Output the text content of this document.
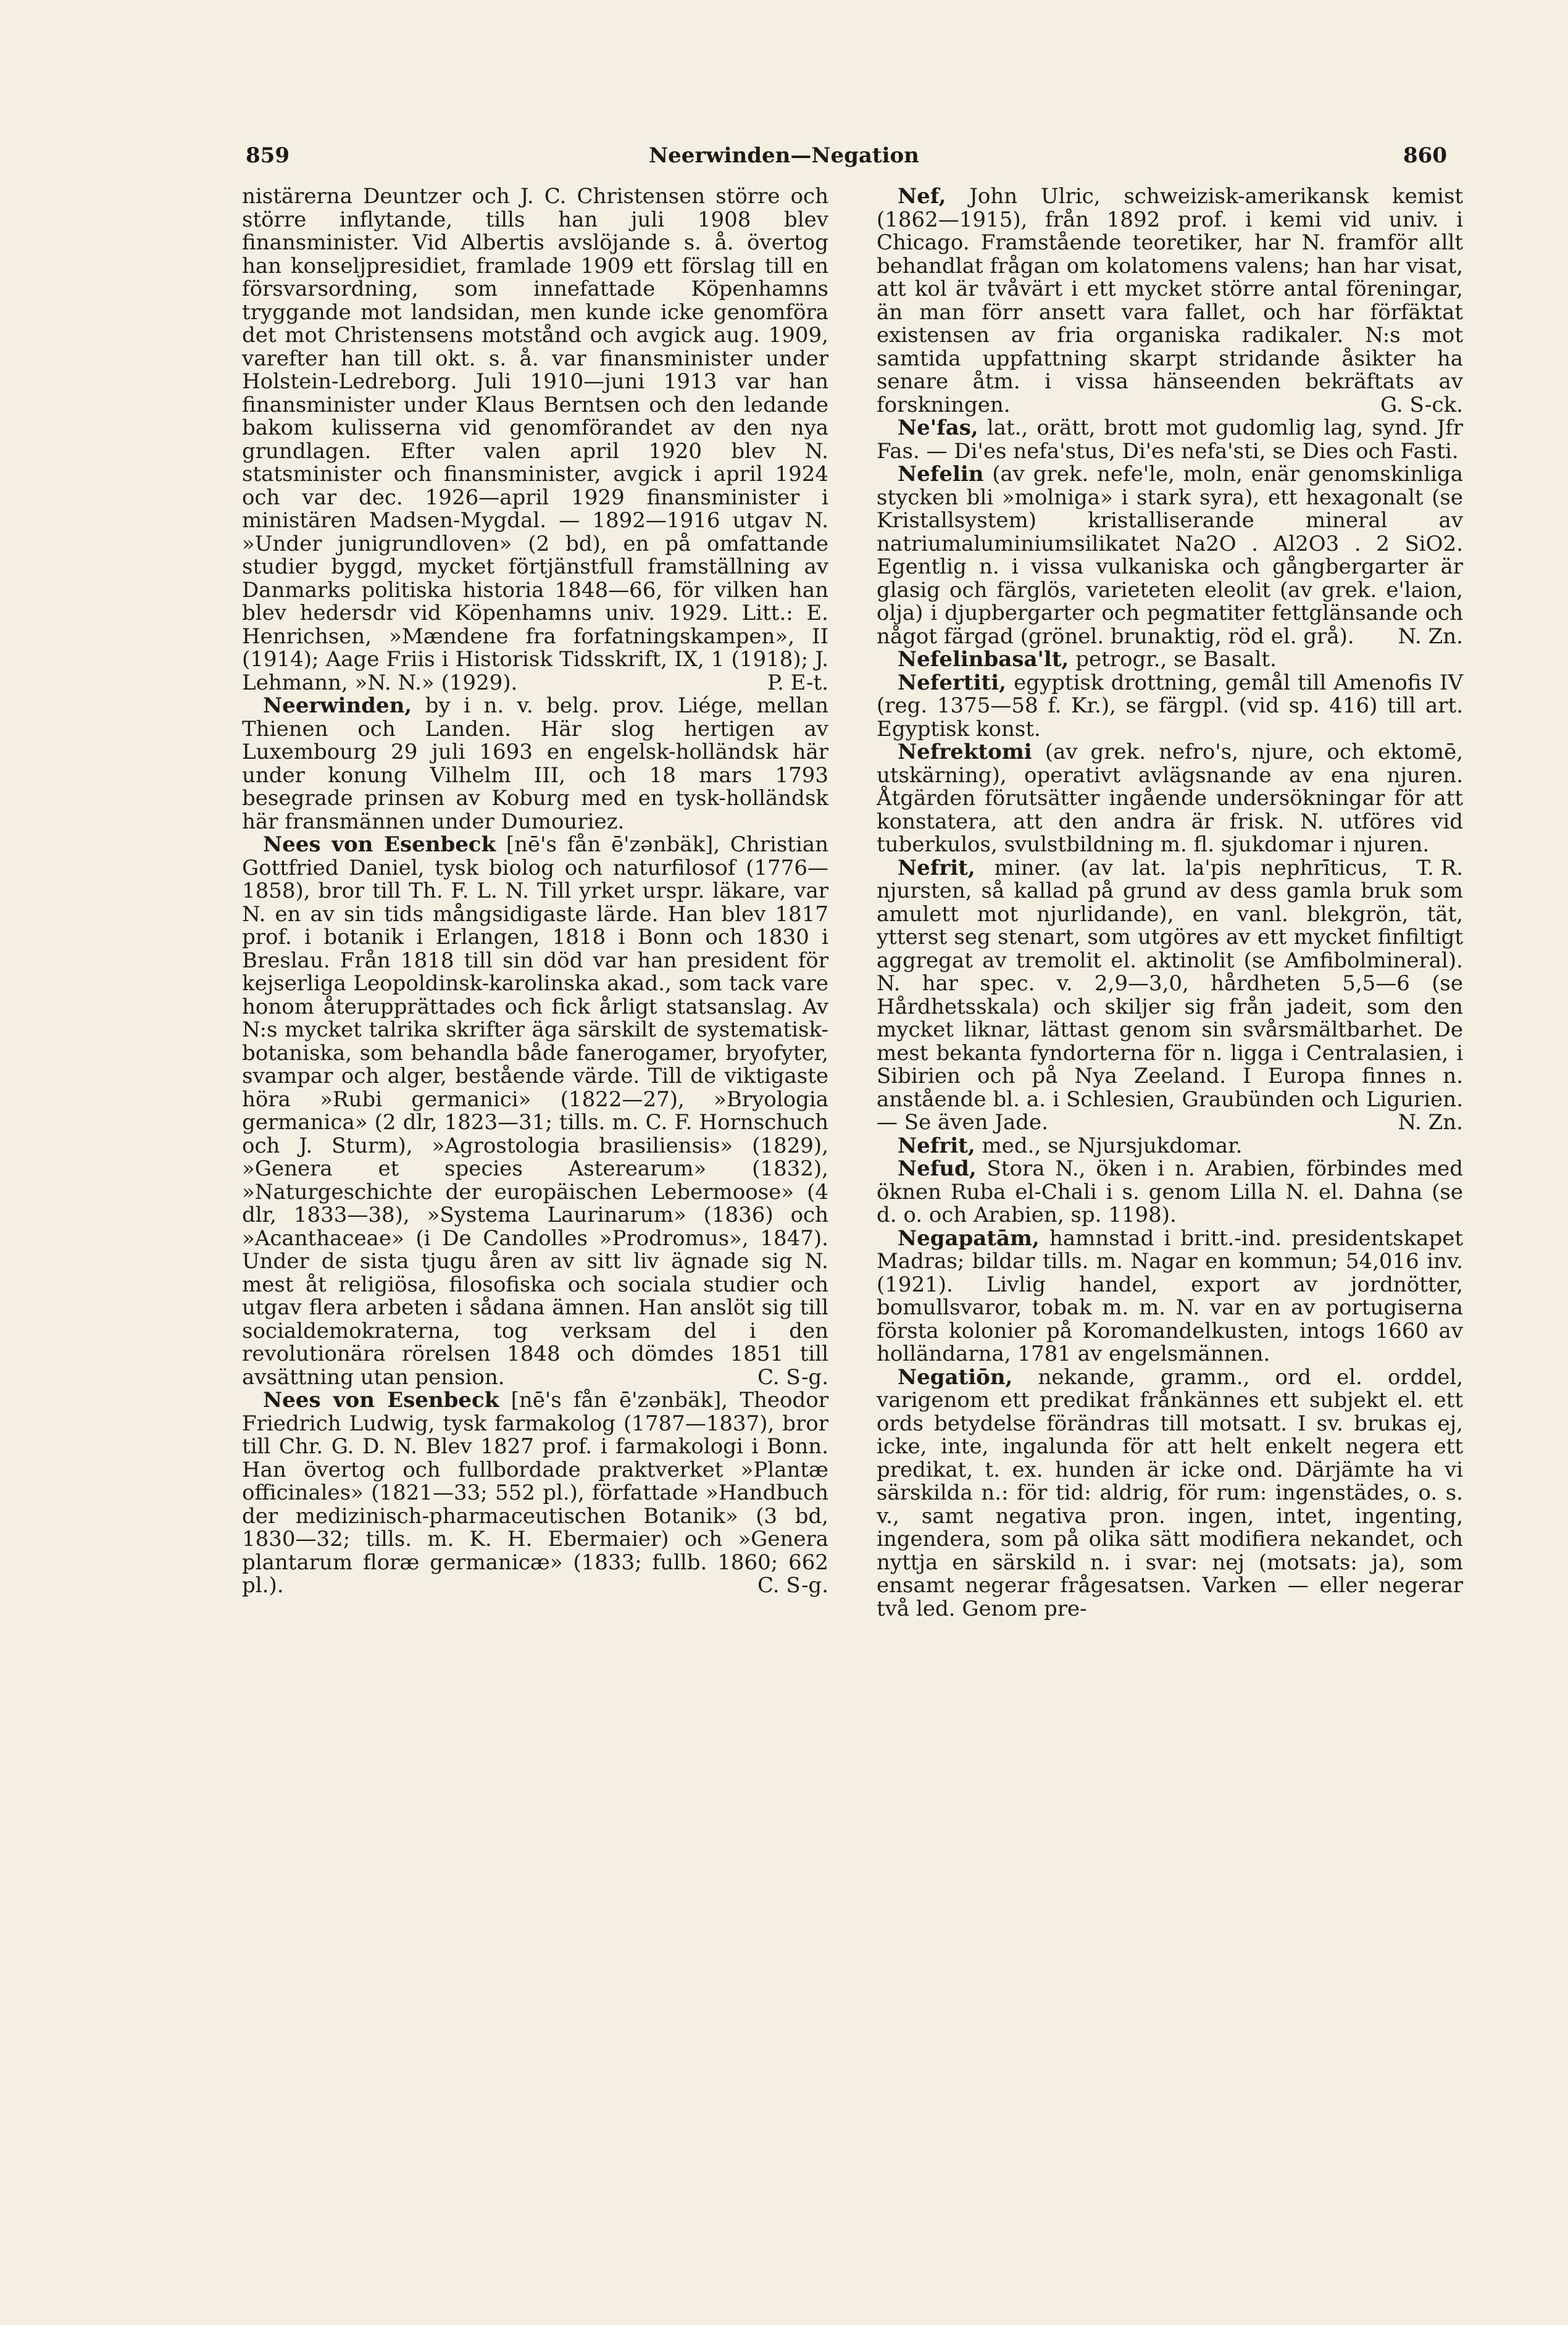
859	Neerwinden—Negation	860

nistärerna Deuntzer och J. C. Christensen större och större inflytande, tills han juli 1908 blev finansminister. Vid Albertis avslöjande s. å. övertog han konseljpresidiet, framlade 1909 ett förslag till en försvarsordning, som innefattade Köpenhamns tryggande mot landsidan, men kunde icke genomföra det mot Christensens motstånd och avgick aug. 1909, varefter han till okt. s. å. var finansminister under Holstein-Ledreborg. Juli 1910—juni 1913 var han finansminister under Klaus Berntsen och den ledande bakom kulisserna vid genomförandet av den nya grundlagen. Efter valen april 1920 blev N. statsminister och finansminister, avgick i april 1924 och var dec. 1926—april 1929 finansminister i ministären Madsen-Mygdal. — 1892—1916 utgav N. »Under junigrundloven» (2 bd), en på omfattande studier byggd, mycket förtjänstfull framställning av Danmarks politiska historia 1848—66, för vilken han blev hedersdr vid Köpenhamns univ. 1929. Litt.: E. Henrichsen, »Mændene fra forfatningskampen», II (1914); Aage Friis i Historisk Tidsskrift, IX, 1 (1918); J. Lehmann, »N. N.» (1929).	P. E-t.

Neerwinden, by i n. v. belg. prov. Liége, mellan Thienen och Landen. Här slog hertigen av Luxembourg 29 juli 1693 en engelsk-holländsk här under konung Vilhelm III, och 18 mars 1793 besegrade prinsen av Koburg med en tysk-holländsk här fransmännen under Dumouriez.

Nees von Esenbeck [nē's fån ē'zənbäk], Christian Gottfried Daniel, tysk biolog och naturfilosof (1776—1858), bror till Th. F. L. N. Till yrket urspr. läkare, var N. en av sin tids mångsidigaste lärde. Han blev 1817 prof. i botanik i Erlangen, 1818 i Bonn och 1830 i Breslau. Från 1818 till sin död var han president för kejserliga Leopoldinsk-karolinska akad., som tack vare honom återupprättades och fick årligt statsanslag. Av N:s mycket talrika skrifter äga särskilt de systematisk-botaniska, som behandla både fanerogamer, bryofyter, svampar och alger, bestående värde. Till de viktigaste höra »Rubi germanici» (1822—27), »Bryologia germanica» (2 dlr, 1823—31; tills. m. C. F. Hornschuch och J. Sturm), »Agrostologia brasiliensis» (1829), »Genera et species Asterearum» (1832), »Naturgeschichte der europäischen Lebermoose» (4 dlr, 1833—38), »Systema Laurinarum» (1836) och »Acanthaceae» (i De Candolles »Prodromus», 1847). Under de sista tjugu åren av sitt liv ägnade sig N. mest åt religiösa, filosofiska och sociala studier och utgav flera arbeten i sådana ämnen. Han anslöt sig till socialdemokraterna, tog verksam del i den revolutionära rörelsen 1848 och dömdes 1851 till avsättning utan pension.	C. S-g.

Nees von Esenbeck [nē's fån ē'zənbäk], Theodor Friedrich Ludwig, tysk farmakolog (1787—1837), bror till Chr. G. D. N. Blev 1827 prof. i farmakologi i Bonn. Han övertog och fullbordade praktverket »Plantæ officinales» (1821—33; 552 pl.), författade »Handbuch der medizinisch-pharmaceutischen Botanik» (3 bd, 1830—32; tills. m. K. H. Ebermaier) och »Genera plantarum floræ germanicæ» (1833; fullb. 1860; 662 pl.).	C. S-g.

Nef, John Ulric, schweizisk-amerikansk kemist (1862—1915), från 1892 prof. i kemi vid univ. i Chicago. Framstående teoretiker, har N. framför allt behandlat frågan om kolatomens valens; han har visat, att kol är tvåvärt i ett mycket större antal föreningar, än man förr ansett vara fallet, och har förfäktat existensen av fria organiska radikaler. N:s mot samtida uppfattning skarpt stridande åsikter ha senare åtm. i vissa hänseenden bekräftats av forskningen.	G. S-ck.

Ne'fas, lat., orätt, brott mot gudomlig lag, synd. Jfr Fas. — Di'es nefa'stus, Di'es nefa'sti, se Dies och Fasti.

Nefelin (av grek. nefe'le, moln, enär genomskinliga stycken bli »molniga» i stark syra), ett hexagonalt (se Kristallsystem) kristalliserande mineral av natriumaluminiumsilikatet Na2O . Al2O3 . 2 SiO2. Egentlig n. i vissa vulkaniska och gångbergarter är glasig och färglös, varieteten eleolit (av grek. e'laion, olja) i djupbergarter och pegmatiter fettglänsande och något färgad (grönel. brunaktig, röd el. grå).	N. Zn.

Nefelinbasa'lt, petrogr., se Basalt.

Nefertiti, egyptisk drottning, gemål till Amenofis IV (reg. 1375—58 f. Kr.), se färgpl. (vid sp. 416) till art. Egyptisk konst.

Nefrektomi (av grek. nefro's, njure, och ektomē, utskärning), operativt avlägsnande av ena njuren. Åtgärden förutsätter ingående undersökningar för att konstatera, att den andra är frisk. N. utföres vid tuberkulos, svulstbildning m. fl. sjukdomar i njuren.
T. R.

Nefrit, miner. (av lat. la'pis nephrīticus, njursten, så kallad på grund av dess gamla bruk som amulett mot njurlidande), en vanl. blekgrön, tät, ytterst seg stenart, som utgöres av ett mycket finfiltigt aggregat av tremolit el. aktinolit (se Amfibolmineral). N. har spec. v. 2,9—3,0, hårdheten 5,5—6 (se Hårdhetsskala) och skiljer sig från jadeit, som den mycket liknar, lättast genom sin svårsmältbarhet. De mest bekanta fyndorterna för n. ligga i Centralasien, i Sibirien och på Nya Zeeland. I Europa finnes n. anstående bl. a. i Schlesien, Graubünden och Ligurien. — Se även Jade.	N. Zn.

Nefrit, med., se Njursjukdomar.

Nefud, Stora N., öken i n. Arabien, förbindes med öknen Ruba el-Chali i s. genom Lilla N. el. Dahna (se d. o. och Arabien, sp. 1198).

Negapatām, hamnstad i britt.-ind. presidentskapet Madras; bildar tills. m. Nagar en kommun; 54,016 inv. (1921). Livlig handel, export av jordnötter, bomullsvaror, tobak m. m. N. var en av portugiserna första kolonier på Koromandelkusten, intogs 1660 av holländarna, 1781 av engelsmännen.

Negatiōn, nekande, gramm., ord el. orddel, varigenom ett predikat frånkännes ett subjekt el. ett ords betydelse förändras till motsatt. I sv. brukas ej, icke, inte, ingalunda för att helt enkelt negera ett predikat, t. ex. hunden är icke ond. Därjämte ha vi särskilda n.: för tid: aldrig, för rum: ingenstädes, o. s. v., samt negativa pron. ingen, intet, ingenting, ingendera, som på olika sätt modifiera nekandet, och nyttja en särskild n. i svar: nej (motsats: ja), som ensamt negerar frågesatsen. Varken — eller negerar två led. Genom pre-
